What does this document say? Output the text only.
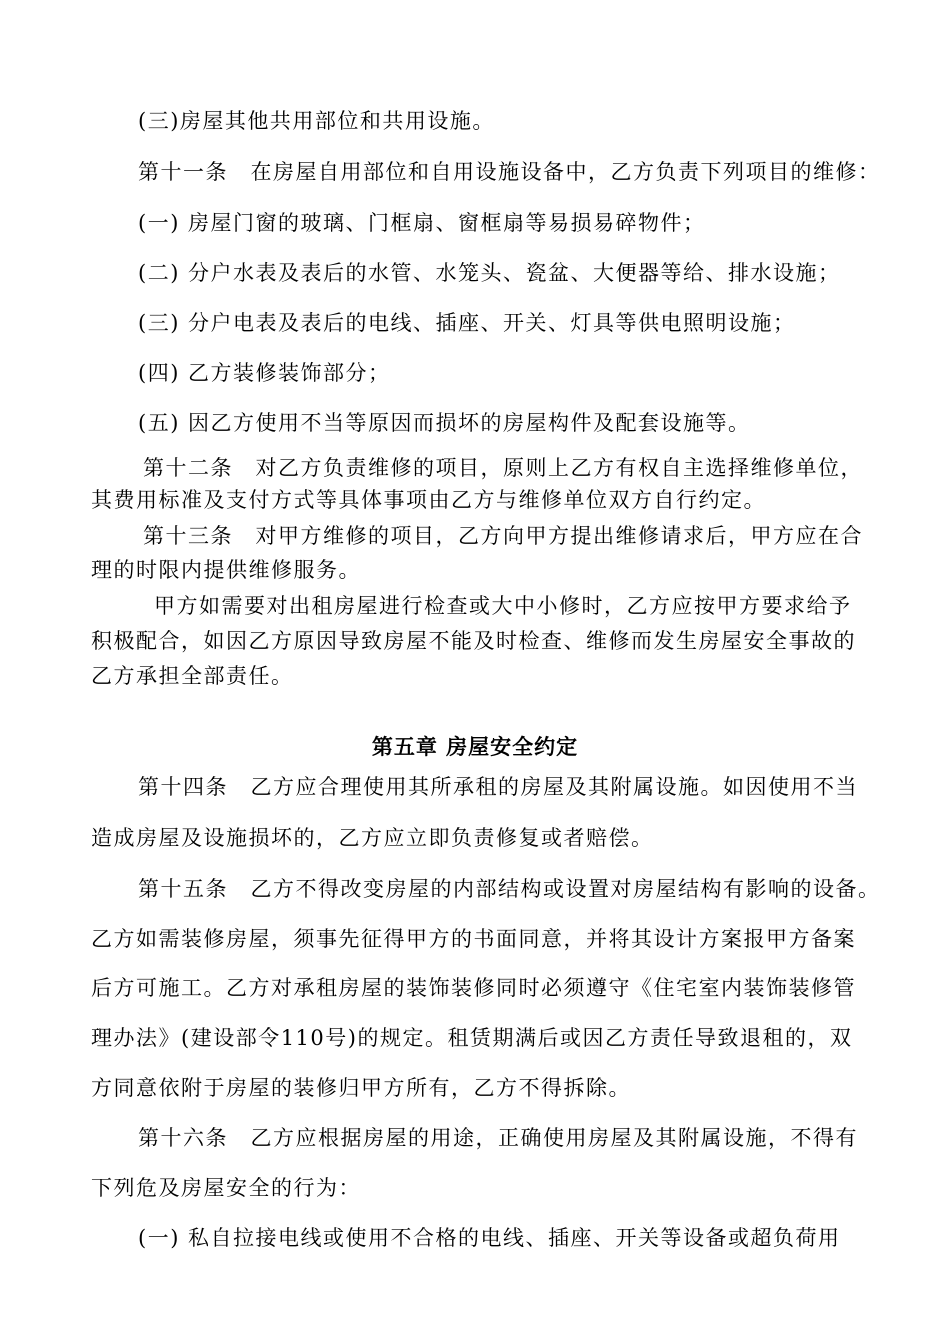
(三)房屋其他共用部位和共用设施。
第十一条　在房屋自用部位和自用设施设备中，乙方负责下列项目的维修：
(一) 房屋门窗的玻璃、门框扇、窗框扇等易损易碎物件；
(二) 分户水表及表后的水管、水笼头、瓷盆、大便器等给、排水设施；
(三) 分户电表及表后的电线、插座、开关、灯具等供电照明设施；
(四) 乙方装修装饰部分；
(五) 因乙方使用不当等原因而损坏的房屋构件及配套设施等。
第十二条　对乙方负责维修的项目，原则上乙方有权自主选择维修单位，
其费用标准及支付方式等具体事项由乙方与维修单位双方自行约定。
第十三条　对甲方维修的项目，乙方向甲方提出维修请求后，甲方应在合
理的时限内提供维修服务。
甲方如需要对出租房屋进行检查或大中小修时，乙方应按甲方要求给予
积极配合，如因乙方原因导致房屋不能及时检查、维修而发生房屋安全事故的
乙方承担全部责任。
第五章 房屋安全约定
第十四条　乙方应合理使用其所承租的房屋及其附属设施。如因使用不当
造成房屋及设施损坏的，乙方应立即负责修复或者赔偿。
第十五条　乙方不得改变房屋的内部结构或设置对房屋结构有影响的设备。
乙方如需装修房屋，须事先征得甲方的书面同意，并将其设计方案报甲方备案
后方可施工。乙方对承租房屋的装饰装修同时必须遵守《住宅室内装饰装修管
理办法》(建设部令110号)的规定。租赁期满后或因乙方责任导致退租的，双
方同意依附于房屋的装修归甲方所有，乙方不得拆除。
第十六条　乙方应根据房屋的用途，正确使用房屋及其附属设施，不得有
下列危及房屋安全的行为：
(一) 私自拉接电线或使用不合格的电线、插座、开关等设备或超负荷用
